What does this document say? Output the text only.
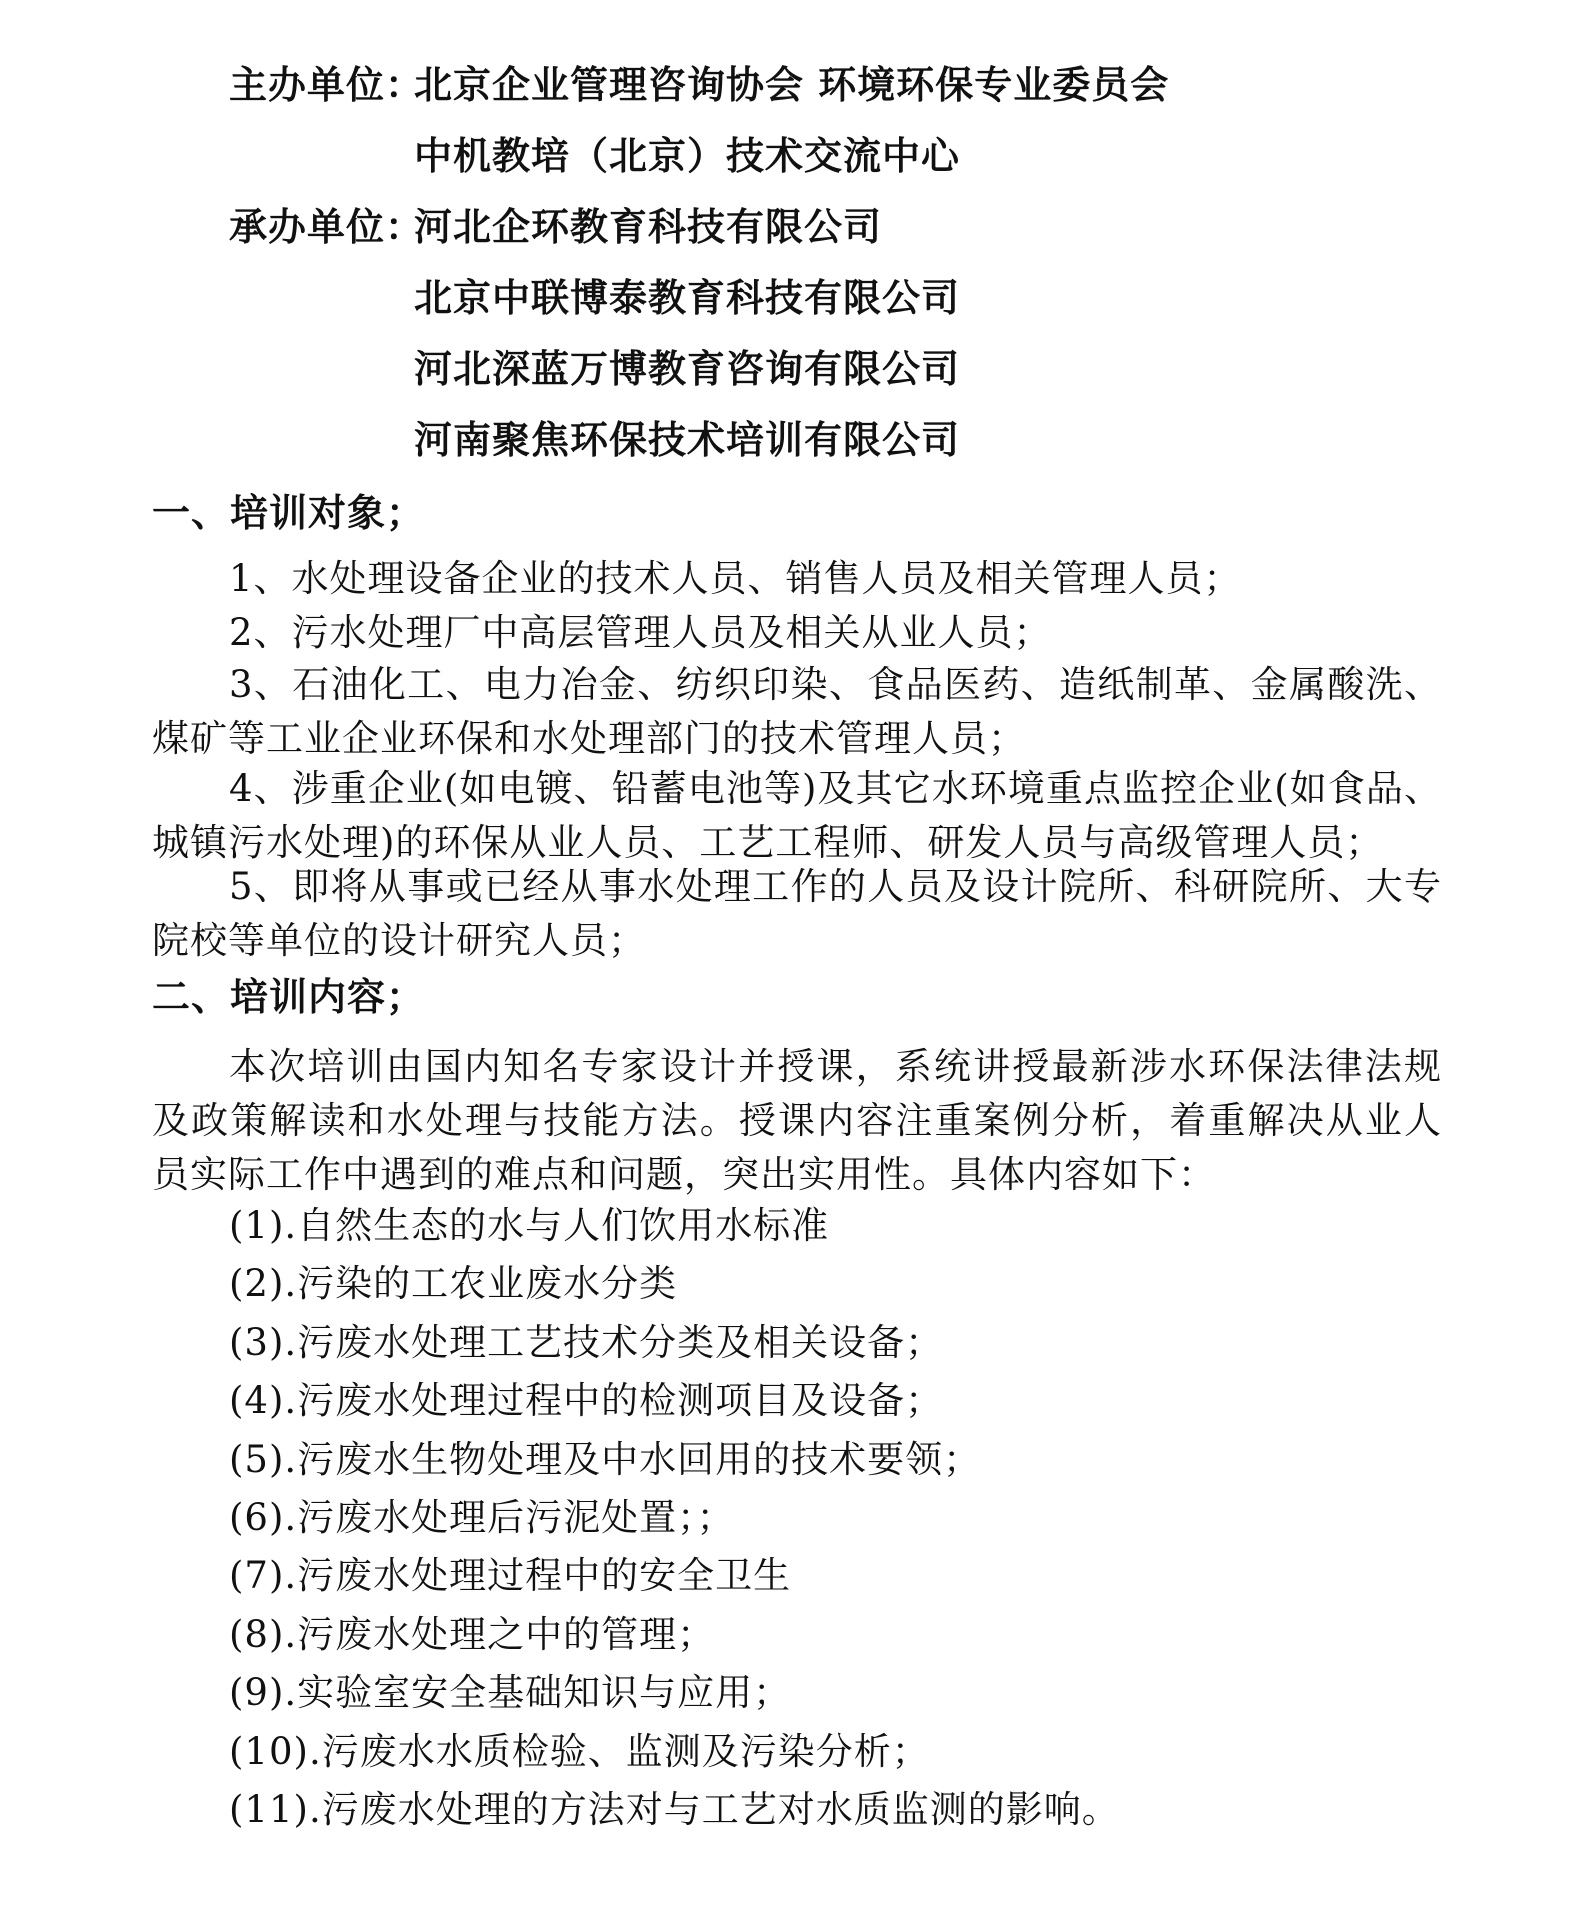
主办单位：
北京企业管理咨询协会 环境环保专业委员会
中机教培（北京）技术交流中心
承办单位：
河北企环教育科技有限公司
北京中联博泰教育科技有限公司
河北深蓝万博教育咨询有限公司
河南聚焦环保技术培训有限公司
一、培训对象；
1、水处理设备企业的技术人员、销售人员及相关管理人员；
2、污水处理厂中高层管理人员及相关从业人员；
3、石油化工、电力冶金、纺织印染、食品医药、造纸制革、金属酸洗、煤矿等工业企业环保和水处理部门的技术管理人员；
4、涉重企业(如电镀、铅蓄电池等)及其它水环境重点监控企业(如食品、城镇污水处理)的环保从业人员、工艺工程师、研发人员与高级管理人员；
5、即将从事或已经从事水处理工作的人员及设计院所、科研院所、大专院校等单位的设计研究人员；
二、培训内容；
本次培训由国内知名专家设计并授课，系统讲授最新涉水环保法律法规及政策解读和水处理与技能方法。授课内容注重案例分析，着重解决从业人员实际工作中遇到的难点和问题，突出实用性。具体内容如下：
(1).自然生态的水与人们饮用水标准
(2).污染的工农业废水分类
(3).污废水处理工艺技术分类及相关设备；
(4).污废水处理过程中的检测项目及设备；
(5).污废水生物处理及中水回用的技术要领；
(6).污废水处理后污泥处置；；
(7).污废水处理过程中的安全卫生
(8).污废水处理之中的管理；
(9).实验室安全基础知识与应用；
(10).污废水水质检验、监测及污染分析；
(11).污废水处理的方法对与工艺对水质监测的影响。
